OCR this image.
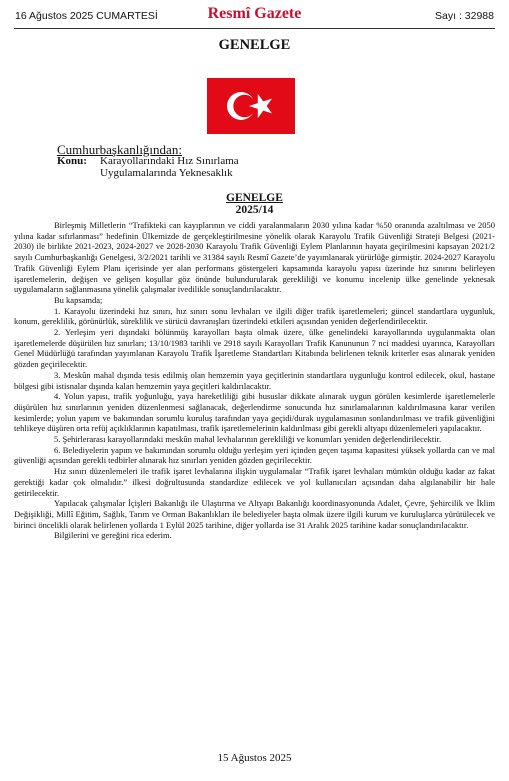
16 Ağustos 2025 CUMARTESİ	Resmî Gazete	Sayı : 32988
GENELGE
Cumhurbaşkanlığından:
Konu: Karayollarındaki Hız Sınırlama
Uygulamalarında Yeknesaklık
GENELGE
2025/14

Birleşmiş Milletlerin “Trafikteki can kayıplarının ve ciddi yaralanmaların 2030 yılına kadar %50 oranında azaltılması ve 2050 yılına kadar sıfırlanması” hedefinin Ülkemizde de gerçekleştirilmesine yönelik olarak Karayolu Trafik Güvenliği Strateji Belgesi (2021-2030) ile birlikte 2021-2023, 2024-2027 ve 2028-2030 Karayolu Trafik Güvenliği Eylem Planlarının hayata geçirilmesini kapsayan 2021/2 sayılı Cumhurbaşkanlığı Genelgesi, 3/2/2021 tarihli ve 31384 sayılı Resmî Gazete’de yayımlanarak yürürlüğe girmiştir. 2024-2027 Karayolu Trafik Güvenliği Eylem Planı içerisinde yer alan performans göstergeleri kapsamında karayolu yapısı üzerinde hız sınırını belirleyen işaretlemelerin, değişen ve gelişen koşullar göz önünde bulundurularak gerekliliği ve konumu incelenip ülke genelinde yeknesak uygulamaların sağlanmasına yönelik çalışmalar ivedilikle sonuçlandırılacaktır.

Bu kapsamda;

1. Karayolu üzerindeki hız sınırı, hız sınırı sonu levhaları ve ilgili diğer trafik işaretlemeleri; güncel standartlara uygunluk, konum, gereklilik, görünürlük, süreklilik ve sürücü davranışları üzerindeki etkileri açısından yeniden değerlendirilecektir.

2. Yerleşim yeri dışındaki bölünmüş karayolları başta olmak üzere, ülke genelindeki karayollarında uygulanmakta olan işaretlemelerde düşürülen hız sınırları; 13/10/1983 tarihli ve 2918 sayılı Karayolları Trafik Kanununun 7 nci maddesi uyarınca, Karayolları Genel Müdürlüğü tarafından yayımlanan Karayolu Trafik İşaretleme Standartları Kitabında belirlenen teknik kriterler esas alınarak yeniden gözden geçirilecektir.

3. Meskûn mahal dışında tesis edilmiş olan hemzemin yaya geçitlerinin standartlara uygunluğu kontrol edilecek, okul, hastane bölgesi gibi istisnalar dışında kalan hemzemin yaya geçitleri kaldırılacaktır.

4. Yolun yapısı, trafik yoğunluğu, yaya hareketliliği gibi hususlar dikkate alınarak uygun görülen kesimlerde işaretlemelerle düşürülen hız sınırlarının yeniden düzenlenmesi sağlanacak, değerlendirme sonucunda hız sınırlamalarının kaldırılmasına karar verilen kesimlerde; yolun yapım ve bakımından sorumlu kuruluş tarafından yaya geçidi/durak uygulamasının sonlandırılması ve trafik güvenliğini tehlikeye düşüren orta refüj açıklıklarının kapatılması, trafik işaretlemelerinin kaldırılması gibi gerekli altyapı düzenlemeleri yapılacaktır.

5. Şehirlerarası karayollarındaki meskûn mahal levhalarının gerekliliği ve konumları yeniden değerlendirilecektir.

6. Belediyelerin yapım ve bakımından sorumlu olduğu yerleşim yeri içinden geçen taşıma kapasitesi yüksek yollarda can ve mal güvenliği açısından gerekli tedbirler alınarak hız sınırları yeniden gözden geçirilecektir.

Hız sınırı düzenlemeleri ile trafik işaret levhalarına ilişkin uygulamalar “Trafik işaret levhaları mümkün olduğu kadar az fakat gerektiği kadar çok olmalıdır.” ilkesi doğrultusunda standardize edilecek ve yol kullanıcıları açısından daha algılanabilir bir hale getirilecektir.

Yapılacak çalışmalar İçişleri Bakanlığı ile Ulaştırma ve Altyapı Bakanlığı koordinasyonunda Adalet, Çevre, Şehircilik ve İklim Değişikliği, Millî Eğitim, Sağlık, Tarım ve Orman Bakanlıkları ile belediyeler başta olmak üzere ilgili kurum ve kuruluşlarca yürütülecek ve birinci öncelikli olarak belirlenen yollarda 1 Eylül 2025 tarihine, diğer yollarda ise 31 Aralık 2025 tarihine kadar sonuçlandırılacaktır.

Bilgilerini ve gereğini rica ederim.

15 Ağustos 2025
